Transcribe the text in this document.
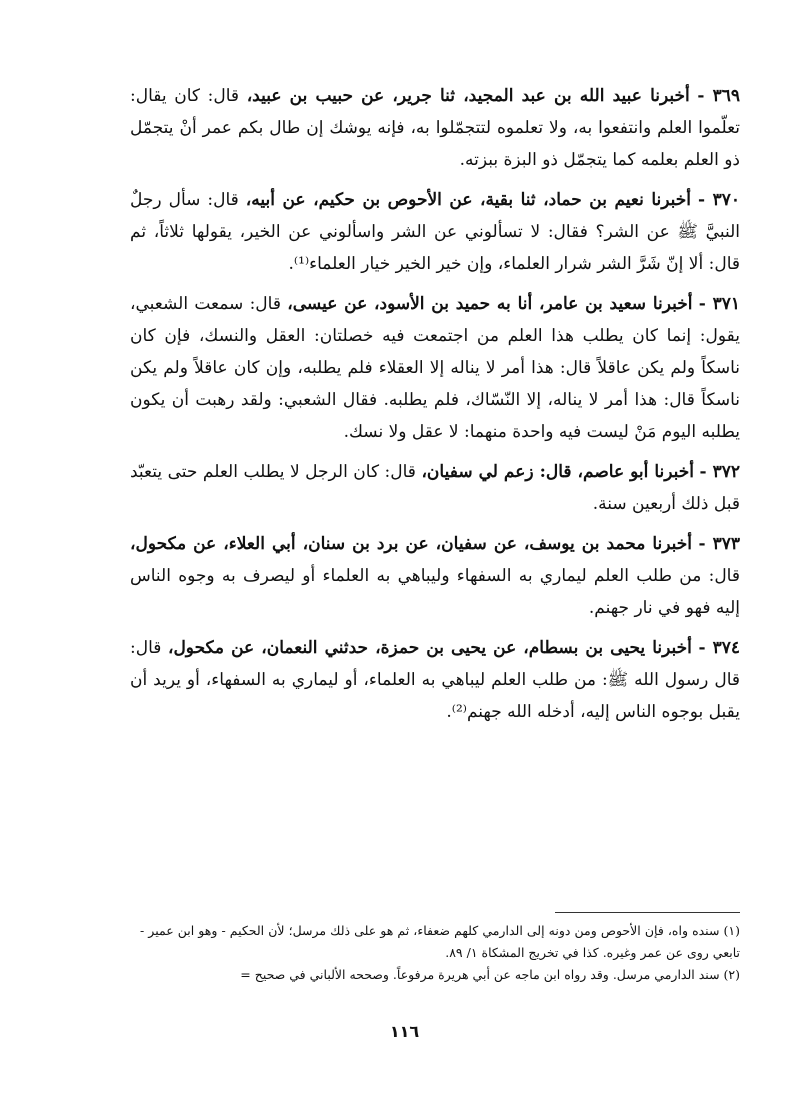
٣٦٩ - أخبرنا عبيد الله بن عبد المجيد، ثنا جرير، عن حبيب بن عبيد، قال: كان يقال: تعلّموا العلم وانتفعوا به، ولا تعلموه لتتجمّلوا به، فإنه يوشك إن طال بكم عمر أنْ يتجمّل ذو العلم بعلمه كما يتجمّل ذو البزة ببزته.

٣٧٠ - أخبرنا نعيم بن حماد، ثنا بقية، عن الأحوص بن حكيم، عن أبيه، قال: سأل رجلٌ النبيَّ ﷺ عن الشر؟ فقال: لا تسألوني عن الشر واسألوني عن الخير، يقولها ثلاثاً، ثم قال: ألا إنّ شَرَّ الشر شرار العلماء، وإن خير الخير خيار العلماء⁽¹⁾.

٣٧١ - أخبرنا سعيد بن عامر، أنا به حميد بن الأسود، عن عيسى، قال: سمعت الشعبي، يقول: إنما كان يطلب هذا العلم من اجتمعت فيه خصلتان: العقل والنسك، فإن كان ناسكاً ولم يكن عاقلاً قال: هذا أمر لا يناله إلا العقلاء فلم يطلبه، وإن كان عاقلاً ولم يكن ناسكاً قال: هذا أمر لا يناله، إلا النّسّاك، فلم يطلبه. فقال الشعبي: ولقد رهبت أن يكون يطلبه اليوم مَنْ ليست فيه واحدة منهما: لا عقل ولا نسك.

٣٧٢ - أخبرنا أبو عاصم، قال: زعم لي سفيان، قال: كان الرجل لا يطلب العلم حتى يتعبّد قبل ذلك أربعين سنة.

٣٧٣ - أخبرنا محمد بن يوسف، عن سفيان، عن برد بن سنان، أبي العلاء، عن مكحول، قال: من طلب العلم ليماري به السفهاء وليباهي به العلماء أو ليصرف به وجوه الناس إليه فهو في نار جهنم.

٣٧٤ - أخبرنا يحيى بن بسطام، عن يحيى بن حمزة، حدثني النعمان، عن مكحول، قال: قال رسول الله ﷺ: من طلب العلم ليباهي به العلماء، أو ليماري به السفهاء، أو يريد أن يقبل بوجوه الناس إليه، أدخله الله جهنم⁽²⁾.

(١) سنده واه، فإن الأحوص ومن دونه إلى الدارمي كلهم ضعفاء، ثم هو على ذلك مرسل؛ لأن الحكيم - وهو ابن عمير - تابعي روى عن عمر وغيره. كذا في تخريج المشكاة ١/ ٨٩.

(٢) سند الدارمي مرسل. وقد رواه ابن ماجه عن أبي هريرة مرفوعاً. وصححه الألباني في صحيح =

١١٦
